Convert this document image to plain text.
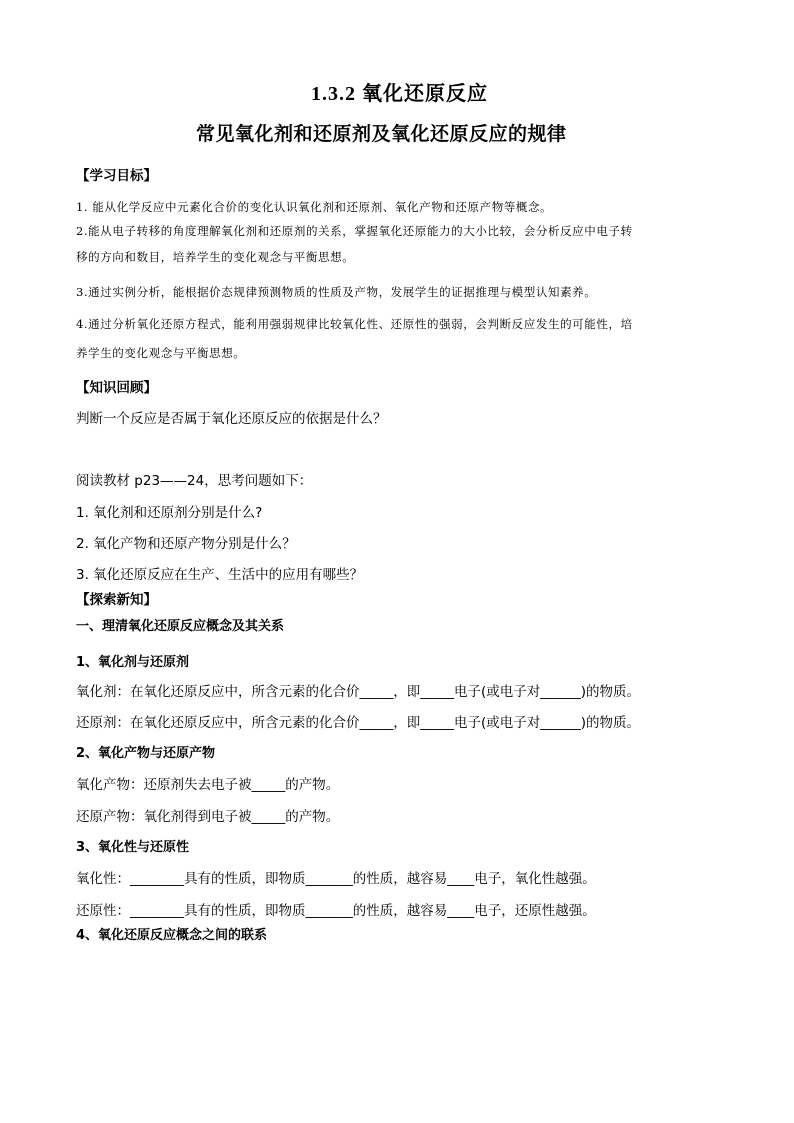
1.3.2 氧化还原反应
常见氧化剂和还原剂及氧化还原反应的规律
【学习目标】
1. 能从化学反应中元素化合价的变化认识氧化剂和还原剂、氧化产物和还原产物等概念。
2.能从电子转移的角度理解氧化剂和还原剂的关系，掌握氧化还原能力的大小比较，会分析反应中电子转
移的方向和数目，培养学生的变化观念与平衡思想。
3.通过实例分析，能根据价态规律预测物质的性质及产物，发展学生的证据推理与模型认知素养。
4.通过分析氧化还原方程式，能利用强弱规律比较氧化性、还原性的强弱，会判断反应发生的可能性，培
养学生的变化观念与平衡思想。
【知识回顾】
判断一个反应是否属于氧化还原反应的依据是什么？
阅读教材 p23——24，思考问题如下：
1. 氧化剂和还原剂分别是什么?
2. 氧化产物和还原产物分别是什么？
3. 氧化还原反应在生产、生活中的应用有哪些？
【探索新知】
一、理清氧化还原反应概念及其关系
1、氧化剂与还原剂
氧化剂：在氧化还原反应中，所含元素的化合价_____，即_____电子(或电子对______)的物质。
还原剂：在氧化还原反应中，所含元素的化合价_____，即_____电子(或电子对______)的物质。
2、氧化产物与还原产物
氧化产物：还原剂失去电子被_____的产物。
还原产物：氧化剂得到电子被_____的产物。
3、氧化性与还原性
氧化性：________具有的性质，即物质_______的性质，越容易____电子，氧化性越强。
还原性：________具有的性质，即物质_______的性质，越容易____电子，还原性越强。
4、氧化还原反应概念之间的联系
